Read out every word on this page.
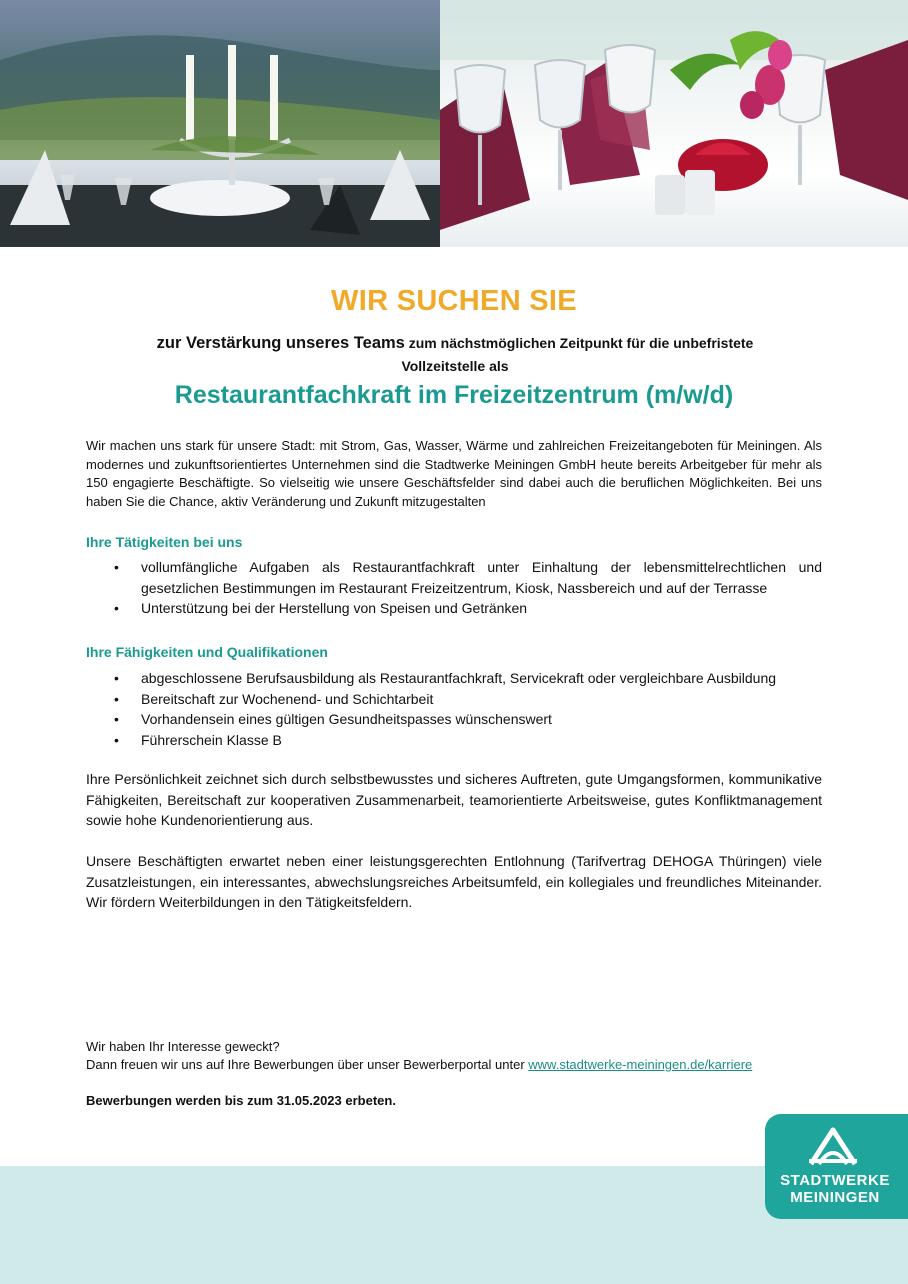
WIR SUCHEN SIE
zur Verstärkung unseres Teams zum nächstmöglichen Zeitpunkt für die unbefristete
Vollzeitstelle als
Restaurantfachkraft im Freizeitzentrum (m/w/d)
Wir machen uns stark für unsere Stadt: mit Strom, Gas, Wasser, Wärme und zahlreichen Freizeitangeboten für Meiningen. Als modernes und zukunftsorientiertes Unternehmen sind die Stadtwerke Meiningen GmbH heute bereits Arbeitgeber für mehr als 150 engagierte Beschäftigte. So vielseitig wie unsere Geschäftsfelder sind dabei auch die beruflichen Möglichkeiten. Bei uns haben Sie die Chance, aktiv Veränderung und Zukunft mitzugestalten
Ihre Tätigkeiten bei uns
• vollumfängliche Aufgaben als Restaurantfachkraft unter Einhaltung der lebensmittelrechtlichen und gesetzlichen Bestimmungen im Restaurant Freizeitzentrum, Kiosk, Nassbereich und auf der Terrasse
• Unterstützung bei der Herstellung von Speisen und Getränken
Ihre Fähigkeiten und Qualifikationen
• abgeschlossene Berufsausbildung als Restaurantfachkraft, Servicekraft oder vergleichbare Ausbildung
• Bereitschaft zur Wochenend- und Schichtarbeit
• Vorhandensein eines gültigen Gesundheitspasses wünschenswert
• Führerschein Klasse B
Ihre Persönlichkeit zeichnet sich durch selbstbewusstes und sicheres Auftreten, gute Umgangsformen, kommunikative Fähigkeiten, Bereitschaft zur kooperativen Zusammenarbeit, teamorientierte Arbeitsweise, gutes Konfliktmanagement sowie hohe Kundenorientierung aus.
Unsere Beschäftigten erwartet neben einer leistungsgerechten Entlohnung (Tarifvertrag DEHOGA Thüringen) viele Zusatzleistungen, ein interessantes, abwechslungsreiches Arbeitsumfeld, ein kollegiales und freundliches Miteinander. Wir fördern Weiterbildungen in den Tätigkeitsfeldern.
Wir haben Ihr Interesse geweckt?
Dann freuen wir uns auf Ihre Bewerbungen über unser Bewerberportal unter www.stadtwerke-meiningen.de/karriere
Bewerbungen werden bis zum 31.05.2023 erbeten.
STADTWERKE
MEININGEN
